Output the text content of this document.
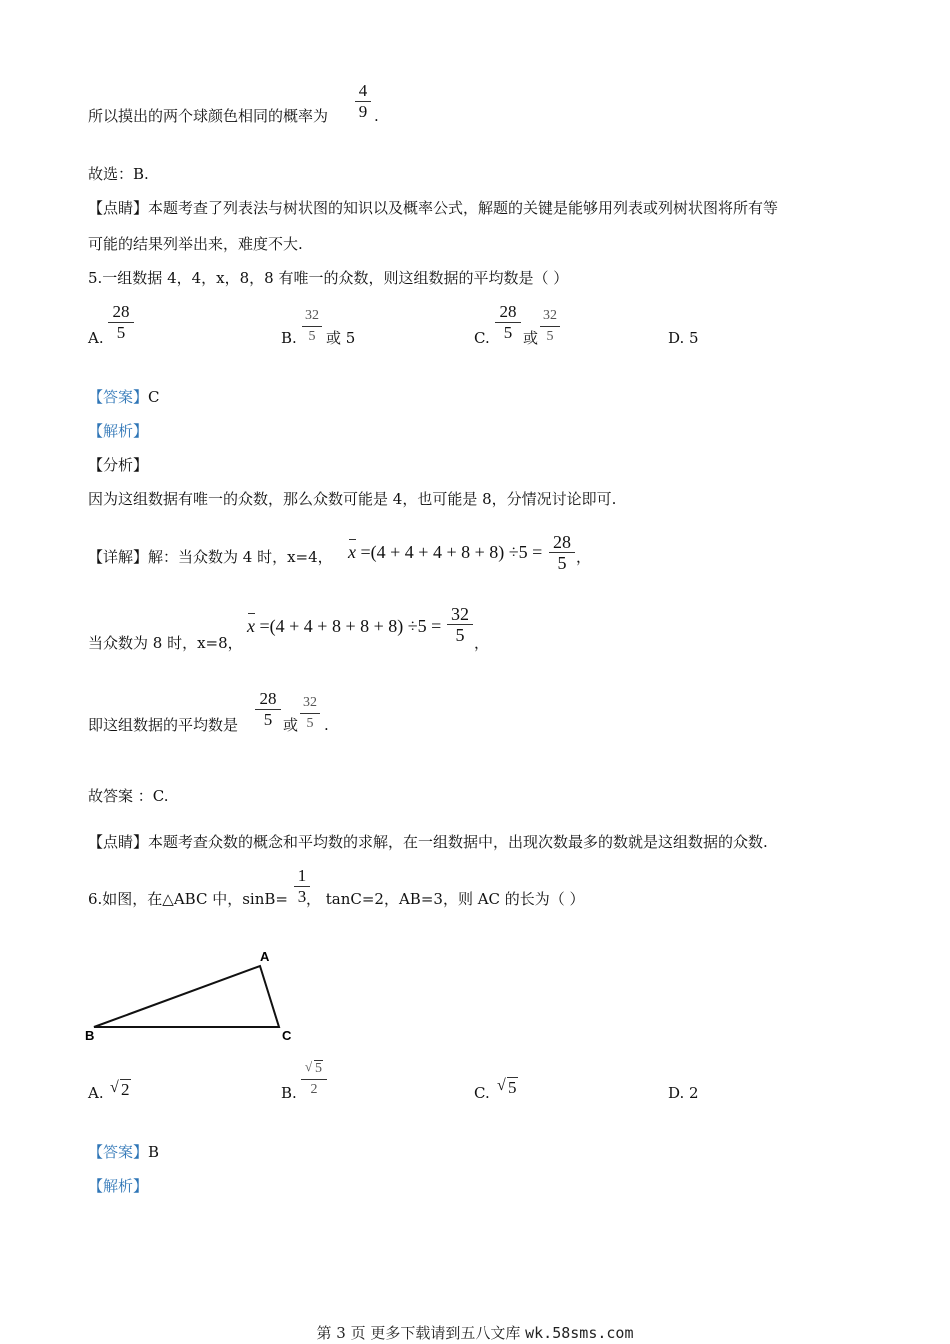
所以摸出的两个球颜色相同的概率为
4
9 .
故选：B.
【点睛】本题考查了列表法与树状图的知识以及概率公式，解题的关键是能够用列表或列树状图将所有等
可能的结果列举出来，难度不大.
5.一组数据 4，4，x，8，8 有唯一的众数，则这组数据的平均数是（ ）
A.
28
5	B.
32
5 或 5	C.
28
5 或
32
5	D. 5
【答案】C
【解析】
【分析】
因为这组数据有唯一的众数，那么众数可能是 4，也可能是 8，分情况讨论即可.
【详解】解：当众数为 4 时，x=4， x =(4 + 4 + 4 + 8 + 8) ÷5 = 28
5 ，
当众数为 8 时，x=8，
x =(4 + 4 + 8 + 8 + 8) ÷5 =
32
5 ，
即这组数据的平均数是
28
5 或
32
5 .
故答案 ：C.
【点睛】本题考查众数的概念和平均数的求解，在一组数据中，出现次数最多的数就是这组数据的众数.
6.如图，在△ABC 中，sinB= ， tanC=2，AB=3，则 AC 的长为（ ）
1
3
A
B	C
A. √ 2	B.
√ 5
2	C. √ 5	D. 2
【答案】B
【解析】
第 3 页 更多下载请到五八文库 wk.58sms.com
